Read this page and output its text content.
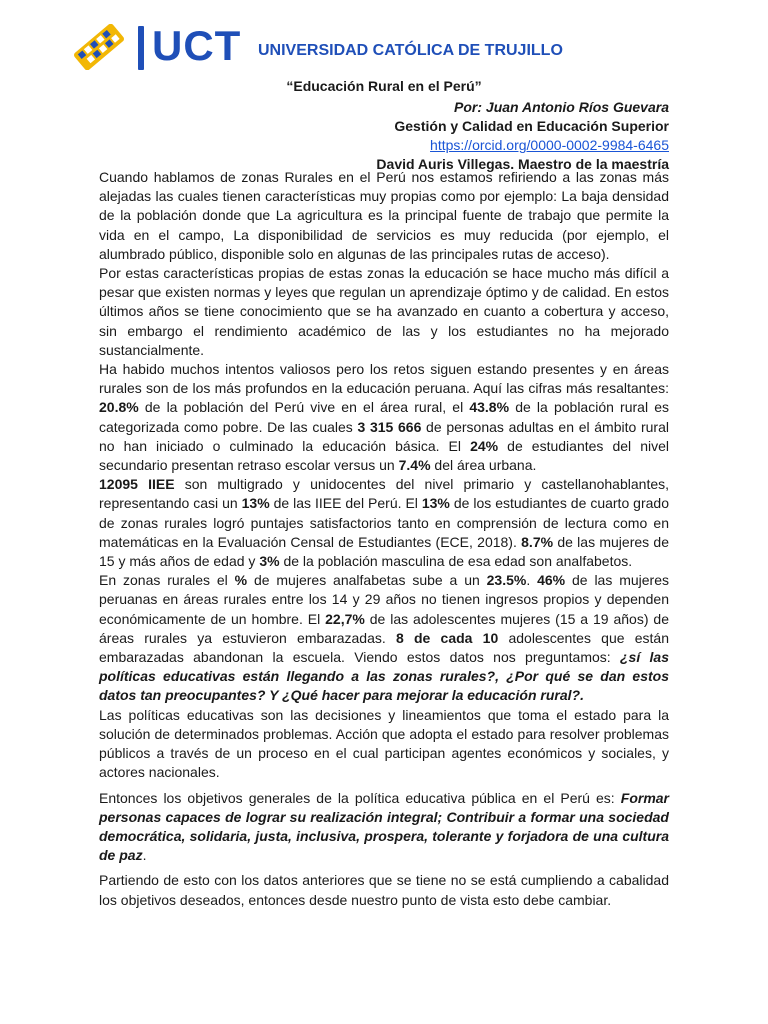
UCT UNIVERSIDAD CATÓLICA DE TRUJILLO
“Educación Rural en el Perú”
Por: Juan Antonio Ríos Guevara
Gestión y Calidad en Educación Superior
https://orcid.org/0000-0002-9984-6465
David Auris Villegas. Maestro de la maestría

Cuando hablamos de zonas Rurales en el Perú nos estamos refiriendo a las zonas más alejadas las cuales tienen características muy propias como por ejemplo: La baja densidad de la población donde que La agricultura es la principal fuente de trabajo que permite la vida en el campo, La disponibilidad de servicios es muy reducida (por ejemplo, el alumbrado público, disponible solo en algunas de las principales rutas de acceso).

Por estas características propias de estas zonas la educación se hace mucho más difícil a pesar que existen normas y leyes que regulan un aprendizaje óptimo y de calidad. En estos últimos años se tiene conocimiento que se ha avanzado en cuanto a cobertura y acceso, sin embargo el rendimiento académico de las y los estudiantes no ha mejorado sustancialmente.

Ha habido muchos intentos valiosos pero los retos siguen estando presentes y en áreas rurales son de los más profundos en la educación peruana. Aquí las cifras más resaltantes: 20.8% de la población del Perú vive en el área rural, el 43.8% de la población rural es categorizada como pobre. De las cuales 3 315 666 de personas adultas en el ámbito rural no han iniciado o culminado la educación básica. El 24% de estudiantes del nivel secundario presentan retraso escolar versus un 7.4% del área urbana.

12095 IIEE son multigrado y unidocentes del nivel primario y castellanohablantes, representando casi un 13% de las IIEE del Perú. El 13% de los estudiantes de cuarto grado de zonas rurales logró puntajes satisfactorios tanto en comprensión de lectura como en matemáticas en la Evaluación Censal de Estudiantes (ECE, 2018). 8.7% de las mujeres de 15 y más años de edad y 3% de la población masculina de esa edad son analfabetos.

En zonas rurales el % de mujeres analfabetas sube a un 23.5%. 46% de las mujeres peruanas en áreas rurales entre los 14 y 29 años no tienen ingresos propios y dependen económicamente de un hombre. El 22,7% de las adolescentes mujeres (15 a 19 años) de áreas rurales ya estuvieron embarazadas. 8 de cada 10 adolescentes que están embarazadas abandonan la escuela. Viendo estos datos nos preguntamos: ¿sí las políticas educativas están llegando a las zonas rurales?, ¿Por qué se dan estos datos tan preocupantes? Y ¿Qué hacer para mejorar la educación rural?.

Las políticas educativas son las decisiones y lineamientos que toma el estado para la solución de determinados problemas. Acción que adopta el estado para resolver problemas públicos a través de un proceso en el cual participan agentes económicos y sociales, y actores nacionales.

Entonces los objetivos generales de la política educativa pública en el Perú es: Formar personas capaces de lograr su realización integral; Contribuir a formar una sociedad democrática, solidaria, justa, inclusiva, prospera, tolerante y forjadora de una cultura de paz.

Partiendo de esto con los datos anteriores que se tiene no se está cumpliendo a cabalidad los objetivos deseados, entonces desde nuestro punto de vista esto debe cambiar.
